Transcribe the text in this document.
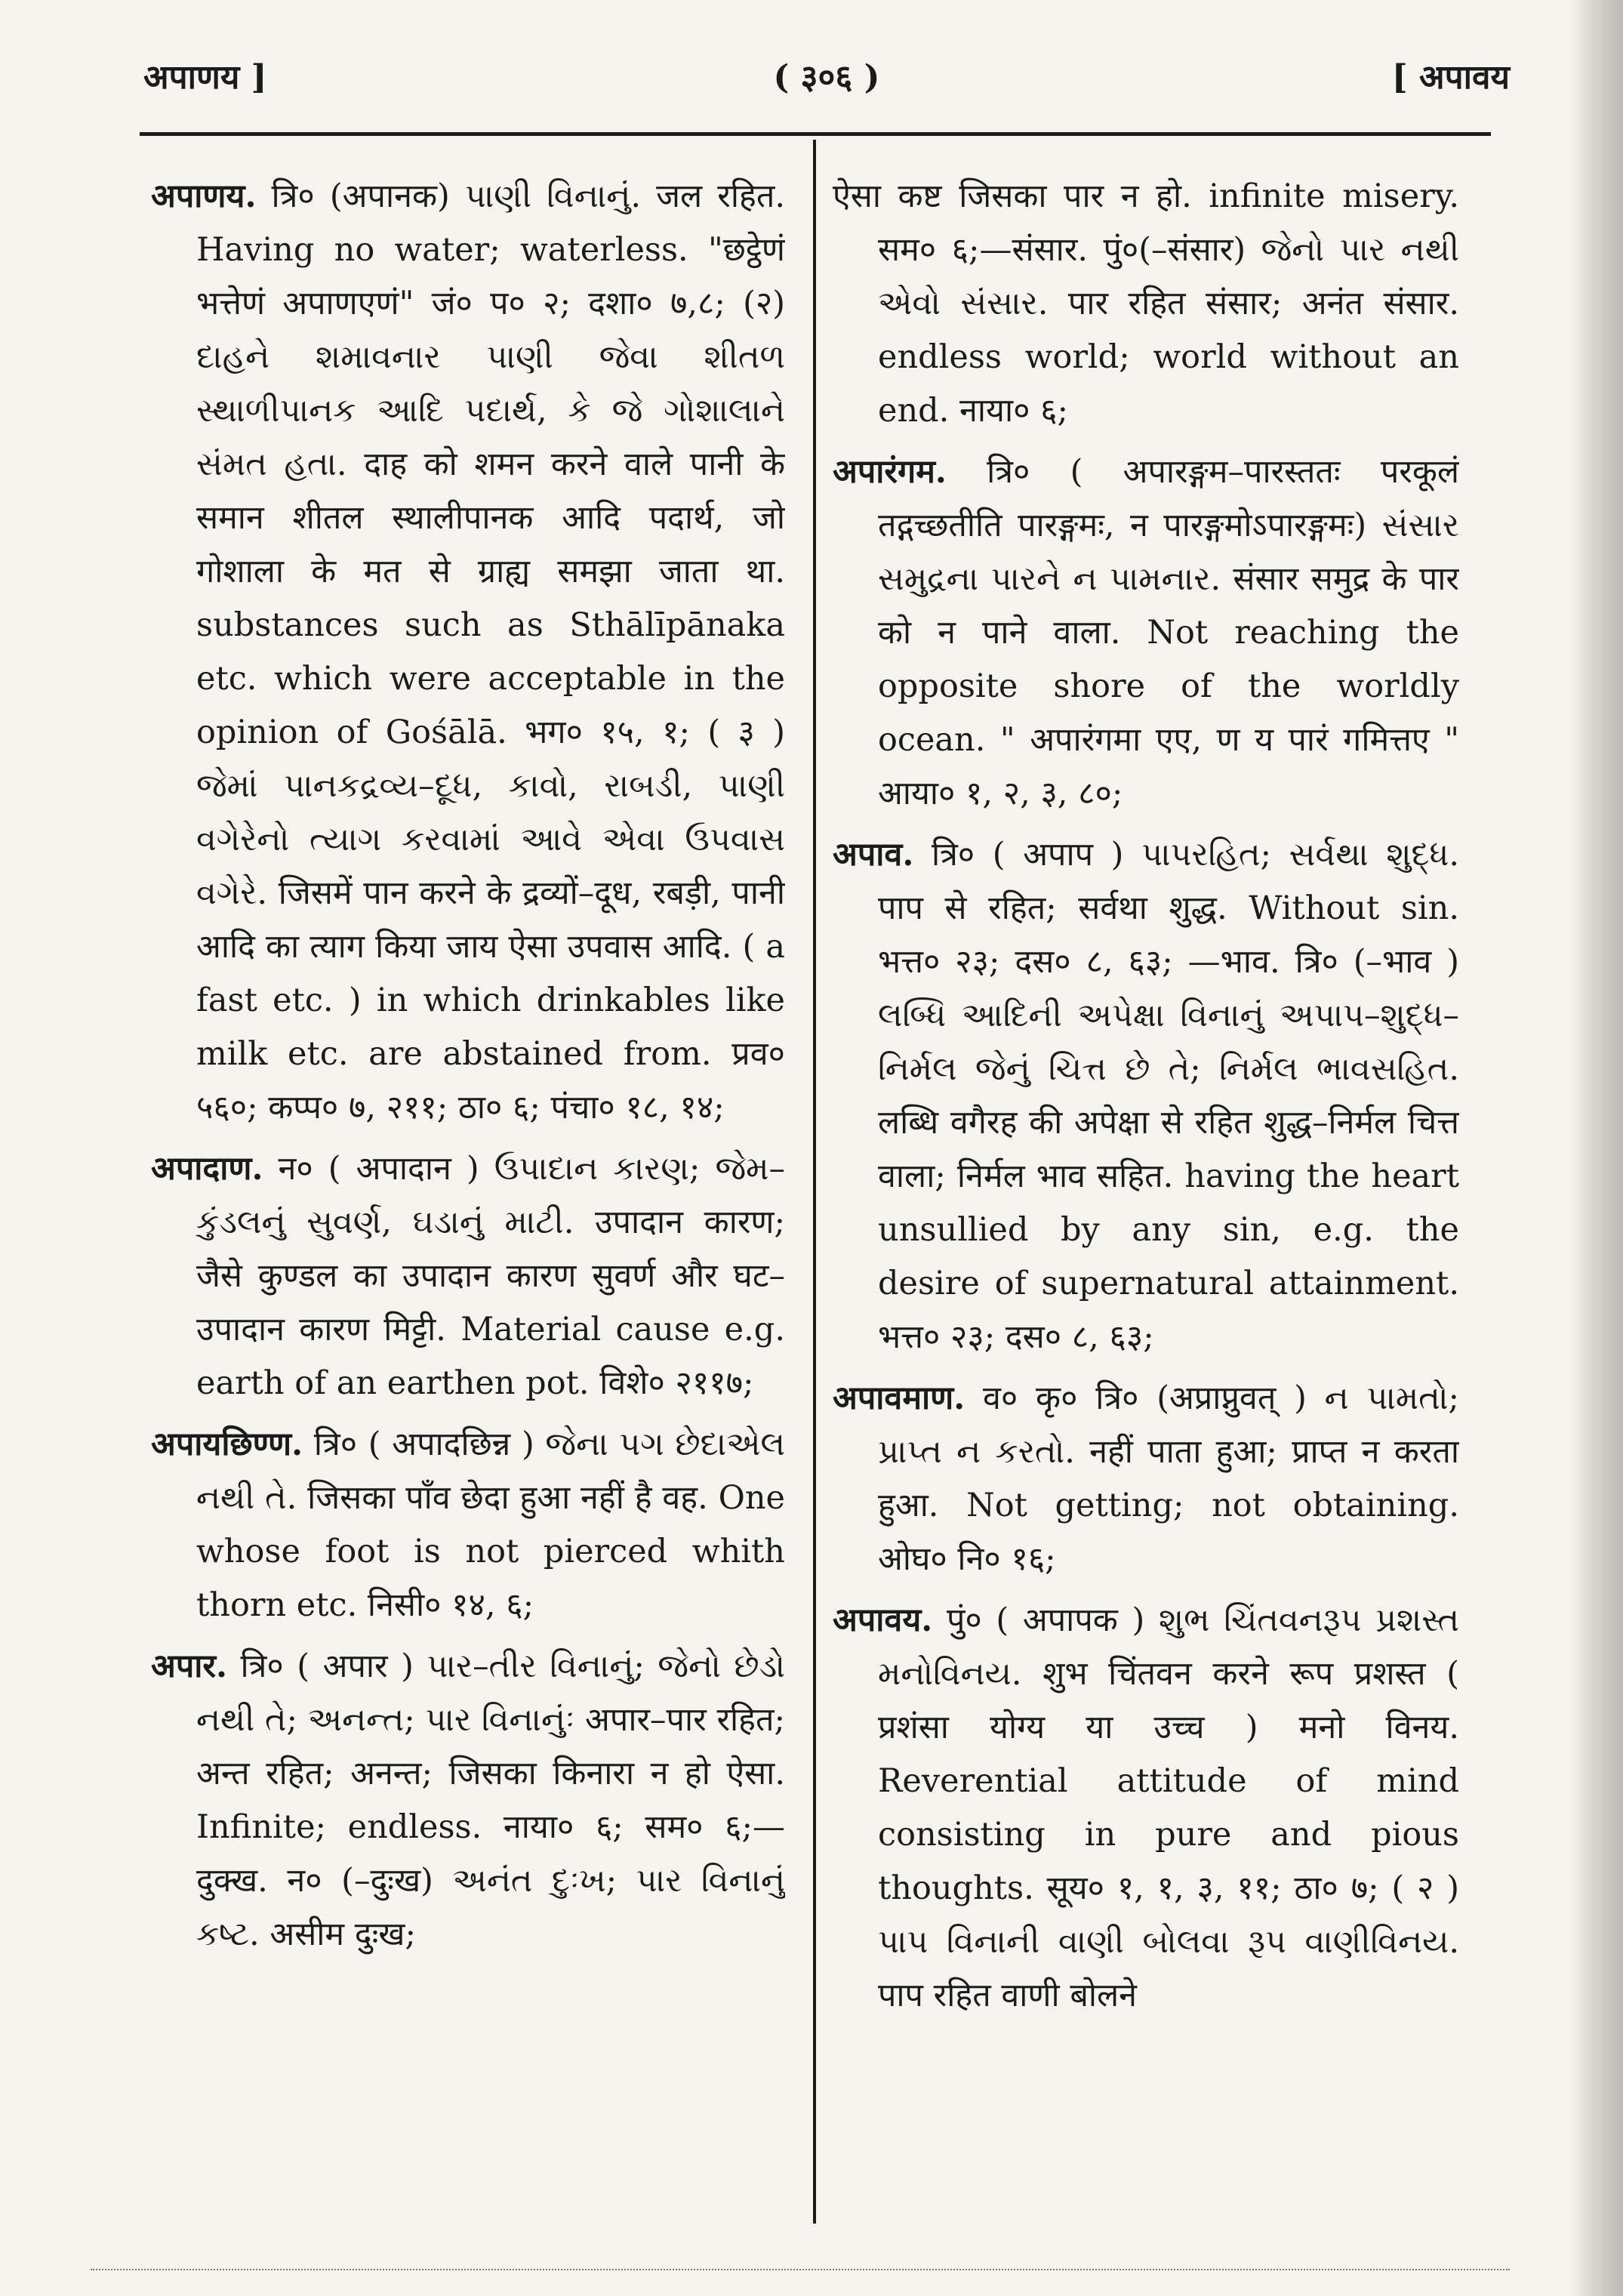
अपाणय ]	( ३०६ )	[ अपावय

अपाणय. त्रि० (अपानक) પાણી વિનાનું. जल रहित. Having no water; waterless. "छट्ठेणं भत्तेणं अपाणएणं" जं० प० २; दशा० ७,८; (२) દાહને શમાવનાર પાણી જેવા શીતળ સ્થાળીપાનક આદિ પદાર્થ, કે જે ગોશાલાને સંમત હતા. दाह को शमन करने वाले पानी के समान शीतल स्थालीपानक आदि पदार्थ, जो गोशाला के मत से ग्राह्य समझा जाता था. substances such as Sthālīpānaka etc. which were acceptable in the opinion of Gośālā. भग० १५, १; ( ३ ) જેમાં પાનકદ્રવ્ય–દૂધ, કાવો, રાબડી, પાણી વગેરેનો ત્યાગ કરવામાં આવે એવા ઉપવાસ વગેરે. जिसमें पान करने के द्रव्यों–दूध, रबड़ी, पानी आदि का त्याग किया जाय ऐसा उपवास आदि. ( a fast etc. ) in which drinkables like milk etc. are abstained from. प्रव० ५६०; कप्प० ७, २११; ठा० ६; पंचा० १८, १४;

अपादाण. न० ( अपादान ) ઉપાદાન કારણ; જેમ–કુંડલનું સુવર્ણ, ઘડાનું માટી. उपादान कारण; जैसे कुण्डल का उपादान कारण सुवर्ण और घट–उपादान कारण मिट्टी. Material cause e.g. earth of an earthen pot. विशे० २११७;

अपायछिण्ण. त्रि० ( अपादछिन्न ) જેના પગ છેદાએલ નથી તે. जिसका पाँव छेदा हुआ नहीं है वह. One whose foot is not pierced whith thorn etc. निसी० १४, ६;

अपार. त्रि० ( अपार ) પાર–તીર વિનાનું; જેનો છેડો નથી તે; અનન્ત; પાર વિનાનુંઃ अपार–पार रहित; अन्त रहित; अनन्त; जिसका किनारा न हो ऐसा. Infinite; endless. नाया० ६; सम० ६;—दुक्ख. न० (–दुःख) અનંત દુઃખ; પાર વિનાનું કષ્ટ. असीम दुःख;

ऐसा कष्ट जिसका पार न हो. infinite misery. सम० ६;—संसार. पुं०(–संसार) જેનો પાર નથી એવો સંસાર. पार रहित संसार; अनंत संसार. endless world; world without an end. नाया० ६;

अपारंगम. त्रि० ( अपारङ्गम–पारस्ततः परकूलं तद्गच्छतीति पारङ्गमः, न पारङ्गमोऽपारङ्गमः) સંસાર સમુદ્રના પારને ન પામનાર. संसार समुद्र के पार को न पाने वाला. Not reaching the opposite shore of the worldly ocean. " अपारंगमा एए, ण य पारं गमित्तए " आया० १, २, ३, ८०;

अपाव. त्रि० ( अपाप ) પાપરહિત; સર્વથા શુદ્ધ. पाप से रहित; सर्वथा शुद्ध. Without sin. भत्त० २३; दस० ८, ६३; —भाव. त्रि० (–भाव ) લબ્ધિ આદિની અપેક્ષા વિનાનું અપાપ–શુદ્ધ–નિર્મલ જેનું ચિત્ત છે તે; નિર્મલ ભાવસહિત. लब्धि वगैरह की अपेक्षा से रहित शुद्ध–निर्मल चित्त वाला; निर्मल भाव सहित. having the heart unsullied by any sin, e.g. the desire of supernatural attainment. भत्त० २३; दस० ८, ६३;

अपावमाण. व० कृ० त्रि० (अप्राप्नुवत् ) ન પામતો; પ્રાપ્ત ન કરતો. नहीं पाता हुआ; प्राप्त न करता हुआ. Not getting; not obtaining. ओघ० नि० १६;

अपावय. पुं० ( अपापक ) શુભ ચિંતવનરૂપ પ્રશસ્ત મનોવિનય. शुभ चिंतवन करने रूप प्रशस्त ( प्रशंसा योग्य या उच्च ) मनो विनय. Reverential attitude of mind consisting in pure and pious thoughts. सूय० १, १, ३, ११; ठा० ७; ( २ ) પાપ વિનાની વાણી બોલવા રૂપ વાણીવિનય. पाप रहित वाणी बोलने
